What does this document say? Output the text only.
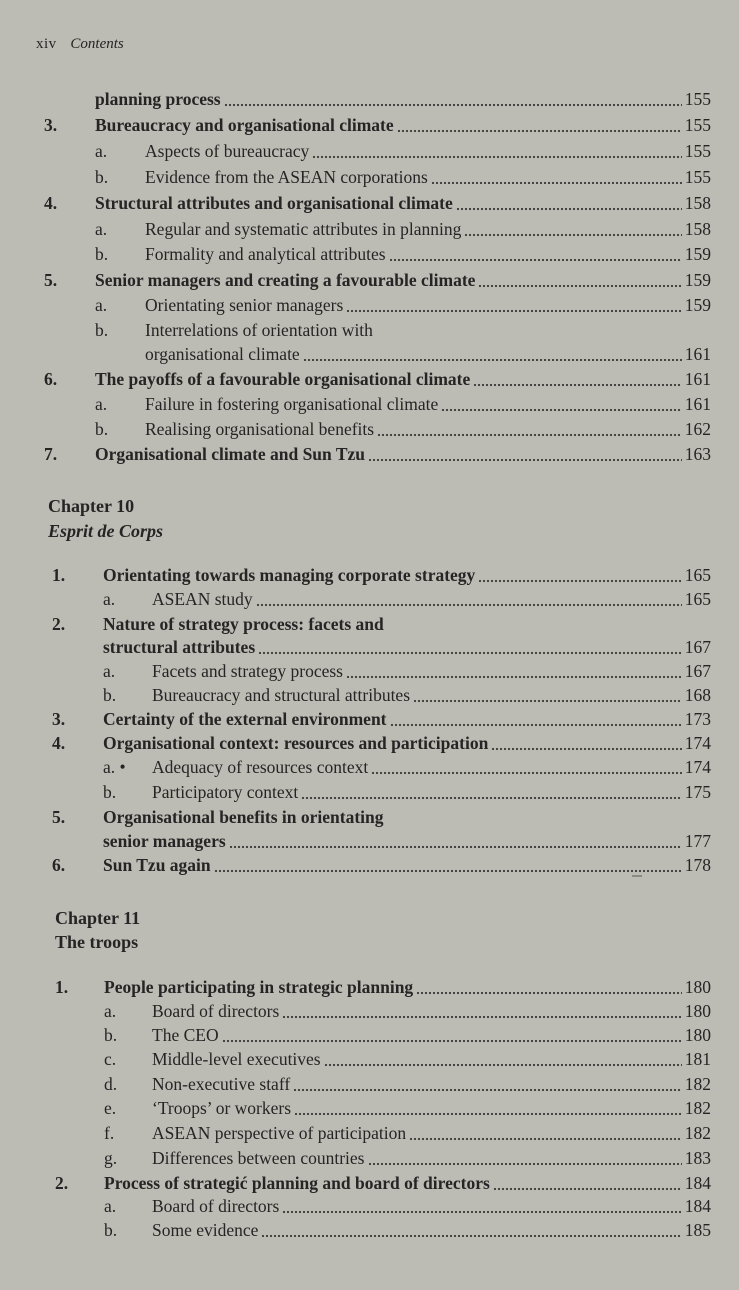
xiv Contents
Chapter 10
Esprit de Corps
Chapter 11
The troops
planning process	155
3. Bureaucracy and organisational climate	155
a. Aspects of bureaucracy	155
b. Evidence from the ASEAN corporations	155
4. Structural attributes and organisational climate	158
a. Regular and systematic attributes in planning	158
b. Formality and analytical attributes	159
5. Senior managers and creating a favourable climate	159
a. Orientating senior managers	159
b. Interrelations of orientation with
organisational climate	161
6. The payoffs of a favourable organisational climate	161
a. Failure in fostering organisational climate	161
b. Realising organisational benefits	162
7. Organisational climate and Sun Tzu	163
1. Orientating towards managing corporate strategy	165
a. ASEAN study	165
2. Nature of strategy process: facets and
structural attributes	167
a. Facets and strategy process	167
b. Bureaucracy and structural attributes	168
3. Certainty of the external environment	173
4. Organisational context: resources and participation	174
a. • Adequacy of resources context	174
b. Participatory context	175
5. Organisational benefits in orientating
senior managers	177
6. Sun Tzu again	178
1. People participating in strategic planning	180
a. Board of directors	180
b. The CEO	180
c. Middle-level executives	181
d. Non-executive staff	182
e. ‘Troops’ or workers	182
f. ASEAN perspective of participation	182
g. Differences between countries	183
2. Process of strategić planning and board of directors	184
a. Board of directors	184
b. Some evidence	185
